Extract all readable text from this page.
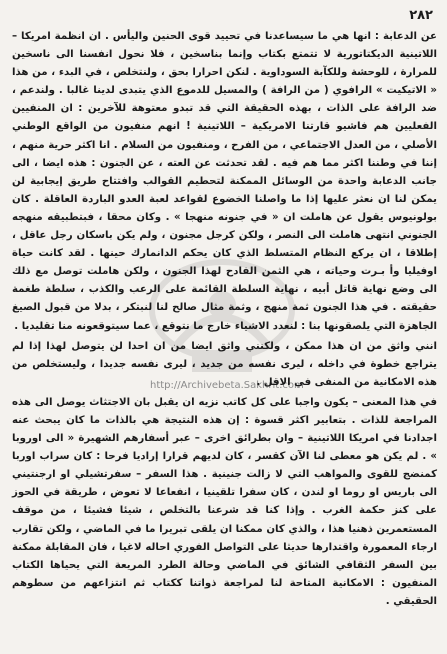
٢٨٢
http://Archivebeta.Sakhrit.com

عن الدعابة : انها هي ما سيساعدنا في تحييد قوى الحنين واليأس . ان انظمة امريكا – اللاتينية الديكتاتورية لا تتمتع بكتاب وإنما بناسخين ، فلا نحول انفسنا الى ناسخين للمرارة ، للوحشة وللكآبة السوداوية . لنكن احرارا بحق ، ولنتخلص ، في البدء ، من هذا « الاتيكيت » الرافوي ( من الرافة ) والمسيل للدموع الذي يتبدى لدينا غالبا . ولندعم ، ضد الرافة على الذات ، بهذه الحقيقة التي قد تبدو معتوهة للآخرين : ان المنفيين الفعليين هم فاشيو قارتنا الامريكية – اللاتينية ! انهم منفيون من الواقع الوطني الأصلي ، من العدل الاجتماعي ، من الفرح ، ومنفيون من السلام . انا اكثر حرية منهم ، إننا في وطننا اكثر مما هم فيه . لقد تحدثت عن العته ، عن الجنون : هذه ايضا ، الى جانب الدعابة واحدة من الوسائل الممكنة لتحطيم القوالب وافتتاح طريق إيجابية لن يمكن لنا ان نعثر عليها إذا ما واصلنا الخضوع لقواعد لعبة العدو الباردة العاقلة . كان بولونيوس يقول عن هاملت ان « في جنونه منهجا » . وكان محقا ، فبتطبيقه منهجه الجنوني انتهى هاملت الى النصر ، ولكن كرجل مجنون ، ولم يكن باسكان رجل عاقل ، إطلاقا ، ان يركع النظام المتسلط الذي كان يحكم الدانمارك حينها . لقد كانت حياة اوفيليا وأ بـرت وحياته ، هي الثمن الفادح لهذا الجنون ، ولكن هاملت توصل مع ذلك الى وضع نهاية قاتل أبيه ، نهاية السلطة القائمة على الرعب والكذب ، سلطة طغمة حقيقته . في هذا الجنون ثمة منهج ، وثمة مثال صالح لنا لنبتكر ، بدلا من قبول الصيغ الجاهزة التي يلصقونها بنا : لنعدد الاشياء خارج ما نتوقع ، عما سيتوقعونه منا تقليديا .

انني واثق من ان هذا ممكن ، ولكنني واثق ايضا من ان احدا لن يتوصل لهذا إذا لم يتراجع خطوة في داخله ، ليرى نفسه من جديد ، ليرى نفسه جديدا ، وليستخلص من هذه الامكانية من المنفى في الاقل .

في هذا المعنى – يكون واجبا على كل كاتب نزيه ان يقبل بان الاجتثاث يوصل الى هذه المراجعة للذات . بتعابير اكثر قسوة : إن هذه النتيجة هي بالذات ما كان يبحث عنه اجدادنا في امريكا اللاتينية – وان بطرائق اخرى – عبر أسفارهم الشهيرة « الى اوروبا » . لم يكن هو معطى لنا الآن كقسر ، كان لديهم قرارا إراديا فرحا : كان سراب اوربا كمنضج للقوى والمواهب التي لا زالت جنينية . هذا السفر – سفرتشيلي او ارجنتيني الى باريس او روما او لندن ، كان سفرا تلقينيا ، انفعاعا لا تعوض ، طريقة في الحوز على كنز حكمة الغرب . وإذا كنا قد شرعنا بالتخلص ، شيئا فشيئا ، من موقف المستعمرين ذهنيا هذا ، والذي كان ممكنا ان يلقى تبريرا ما في الماضي ، ولكن تقارب ارجاء المعمورة واقتدارها حديثا على التواصل الفوري احاله لاغيا ، فان المقابلة ممكنة بين السفر الثقافي الشائق في الماضي وحالة الطرد المريعة التي يحياها الكتاب المنفيون : الامكانية المتاحة لنا لمراجعة ذواتنا ككتاب ثم انتزاعهم من سطوهم الحقيقي .
